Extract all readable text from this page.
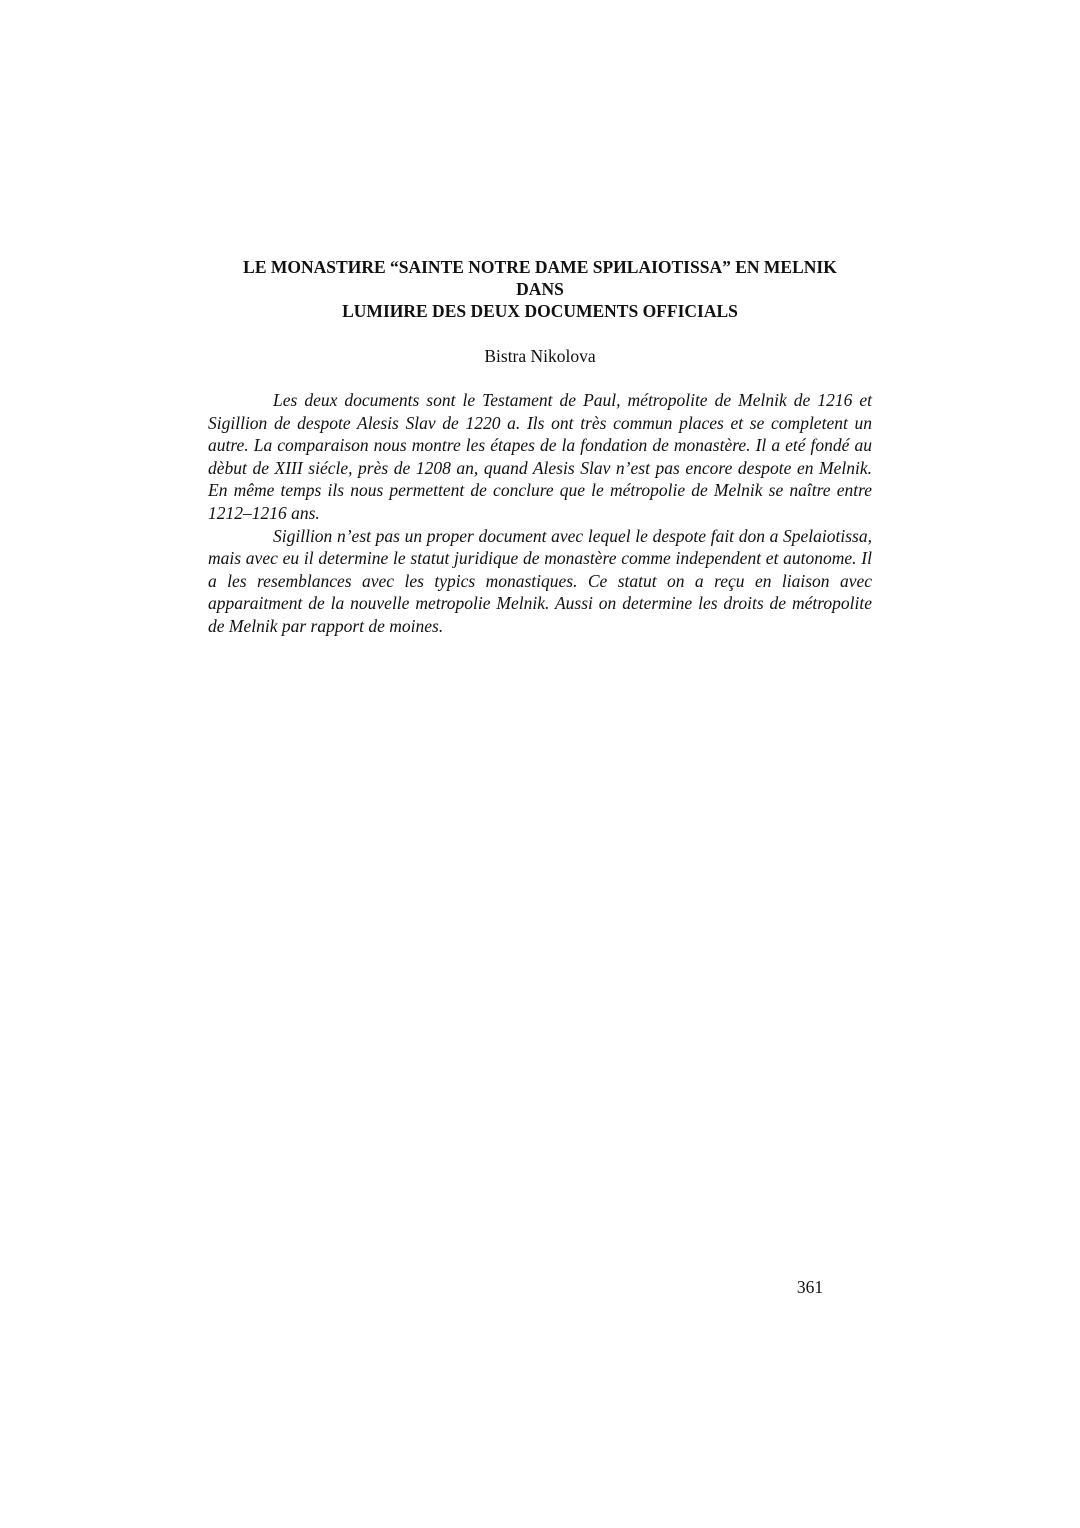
LE MONASTИRE “SAINTE NOTRE DAME SPИLAIOTISSA” EN MELNIK
DANS
LUMIИRE DES DEUX DOCUMENTS OFFICIALS
Bistra Nikolova

Les deux documents sont le Testament de Paul, métropolite de Melnik de 1216 et Sigillion de despote Alesis Slav de 1220 a. Ils ont très commun places et se completent un autre. La comparaison nous montre les étapes de la fondation de monastère. Il a eté fondé au dèbut de XIII siécle, près de 1208 an, quand Alesis Slav n’est pas encore despote en Melnik. En même temps ils nous permettent de conclure que le métropolie de Melnik se naître entre 1212–1216 ans.

Sigillion n’est pas un proper document avec lequel le despote fait don a Spelaiotissa, mais avec eu il determine le statut juridique de monastère comme independent et autonome. Il a les resemblances avec les typics monastiques. Ce statut on a reçu en liaison avec apparaitment de la nouvelle metropolie Melnik. Aussi on determine les droits de métropolite de Melnik par rapport de moines.

361
